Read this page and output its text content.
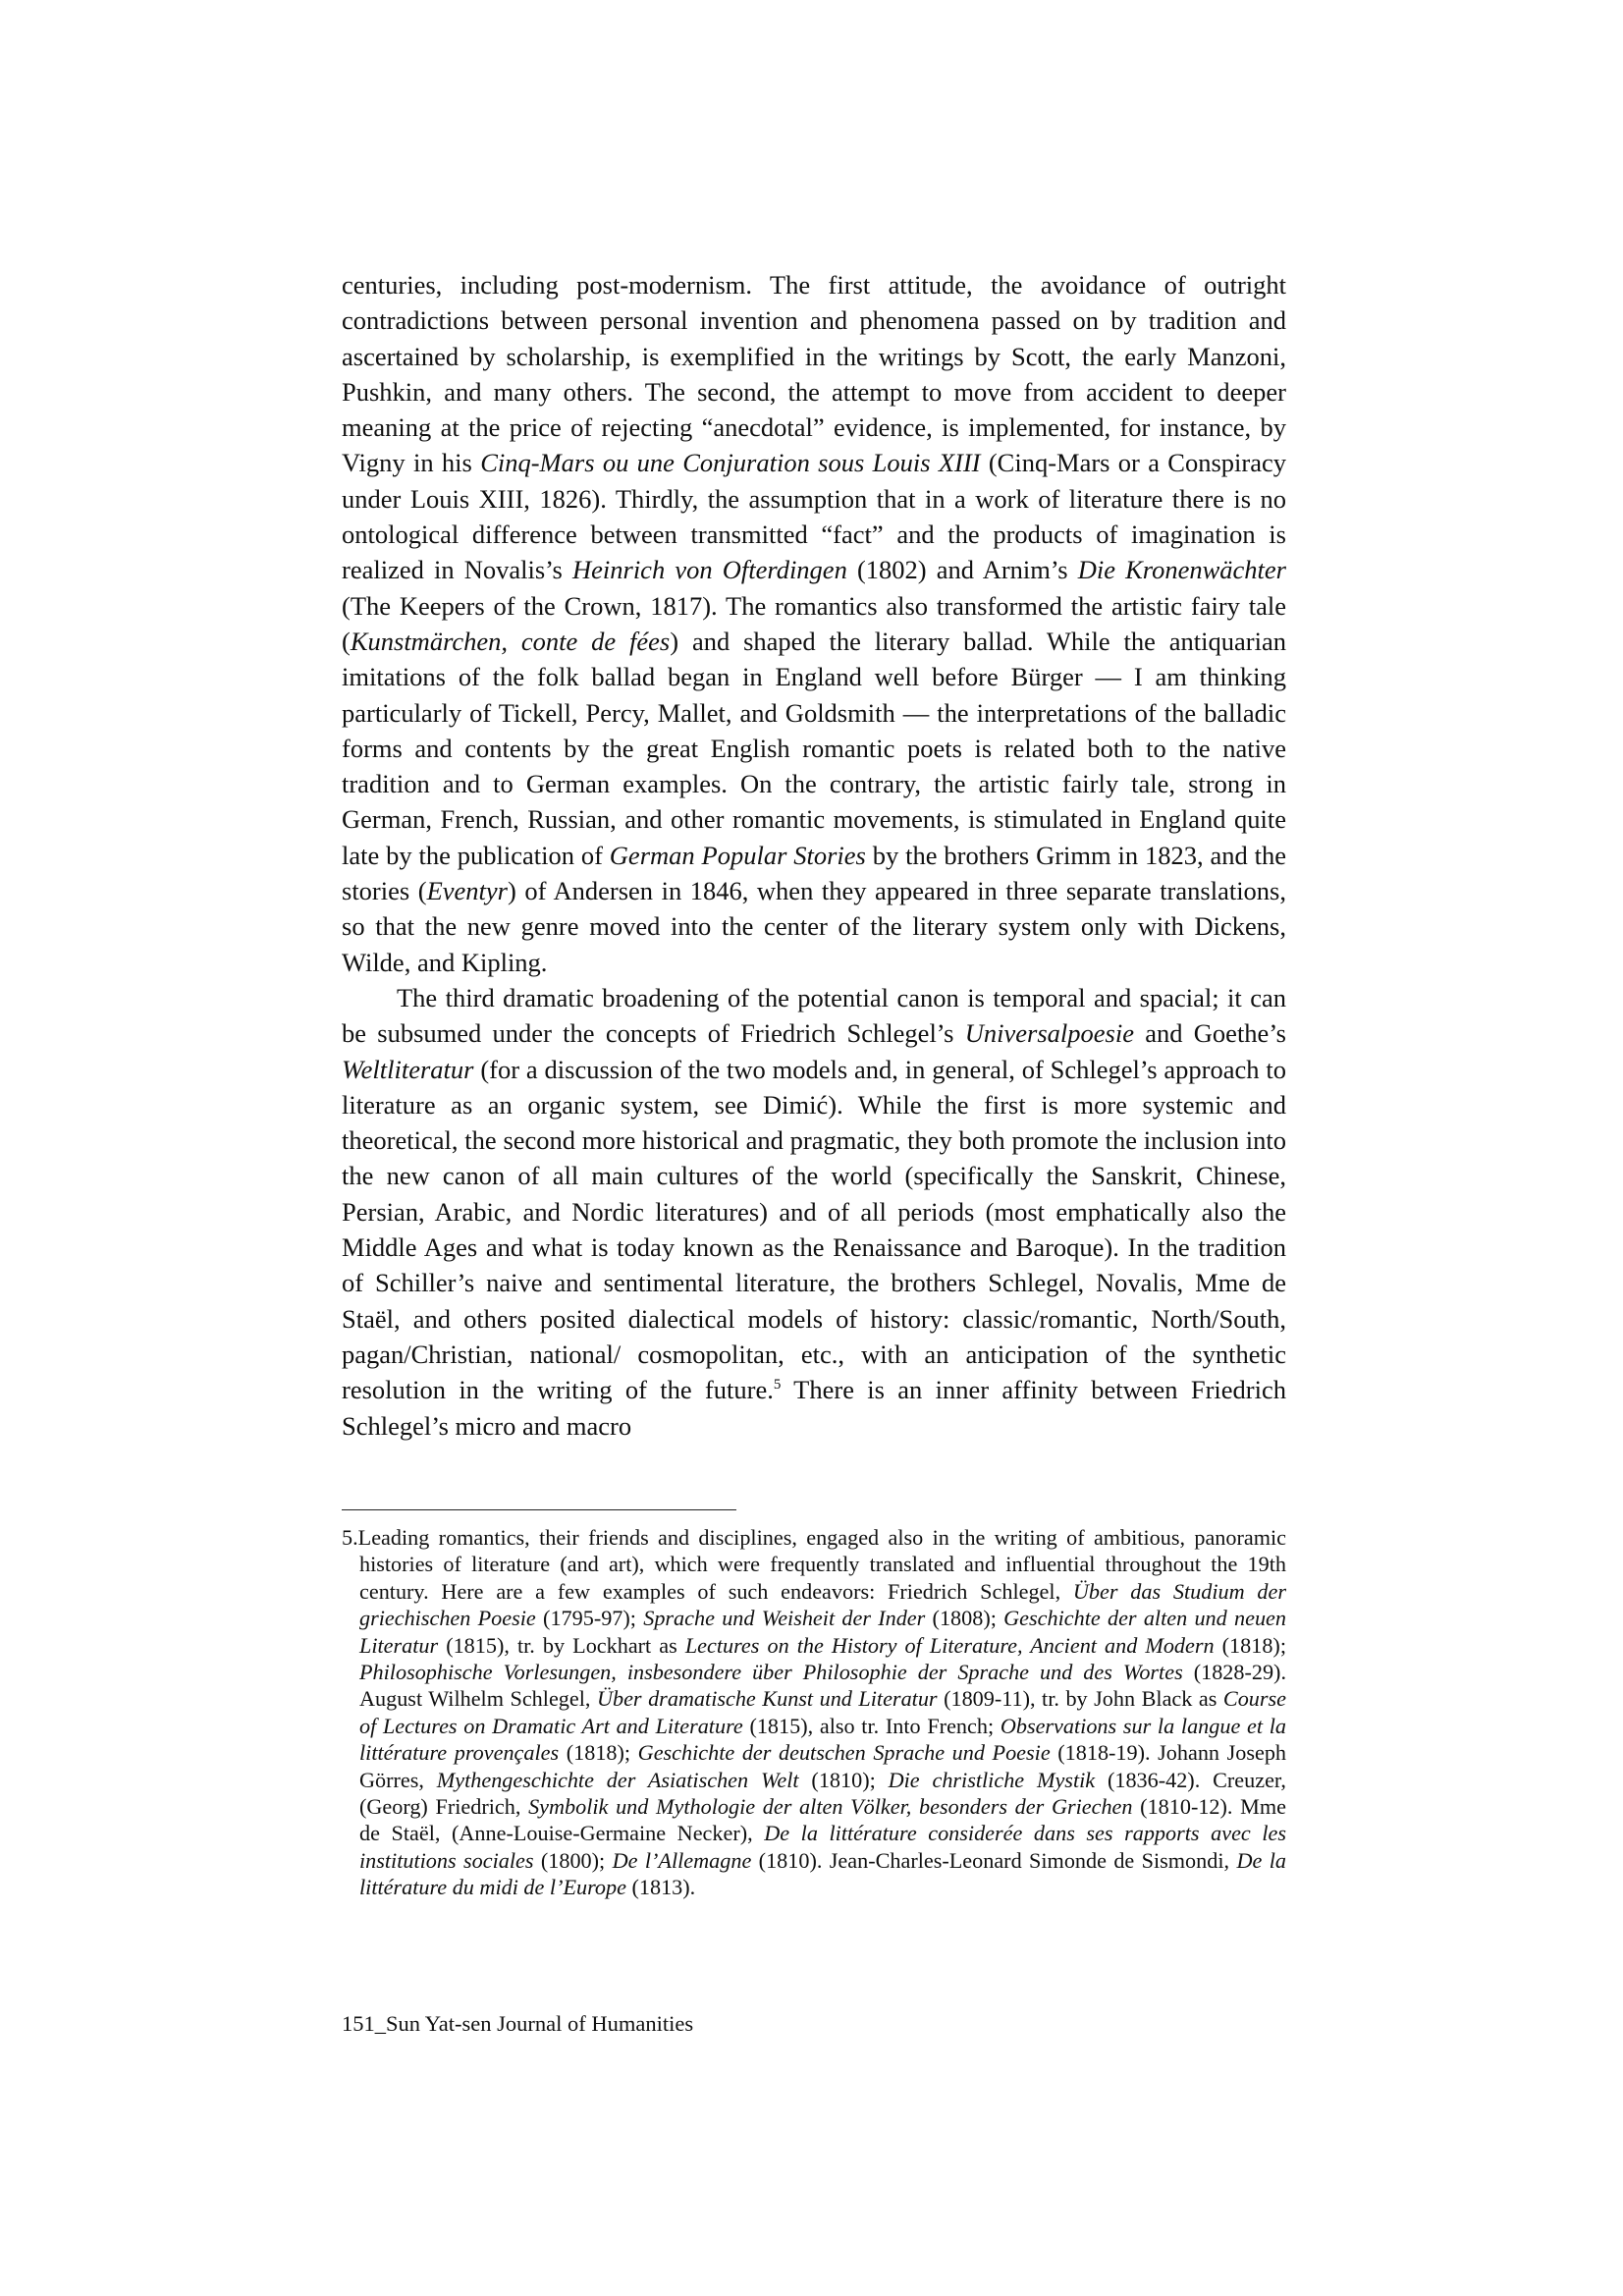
centuries, including post-modernism. The first attitude, the avoidance of outright contradictions between personal invention and phenomena passed on by tradition and ascertained by scholarship, is exemplified in the writings by Scott, the early Manzoni, Pushkin, and many others. The second, the attempt to move from accident to deeper meaning at the price of rejecting “anecdotal” evidence, is implemented, for instance, by Vigny in his Cinq-Mars ou une Conjuration sous Louis XIII (Cinq-Mars or a Conspiracy under Louis XIII, 1826). Thirdly, the assumption that in a work of literature there is no ontological difference between transmitted “fact” and the products of imagination is realized in Novalis’s Heinrich von Ofterdingen (1802) and Arnim’s Die Kronenwächter (The Keepers of the Crown, 1817). The romantics also transformed the artistic fairy tale (Kunstmärchen, conte de fées) and shaped the literary ballad. While the antiquarian imitations of the folk ballad began in England well before Bürger — I am thinking particularly of Tickell, Percy, Mallet, and Goldsmith — the interpretations of the balladic forms and contents by the great English romantic poets is related both to the native tradition and to German examples. On the contrary, the artistic fairly tale, strong in German, French, Russian, and other romantic movements, is stimulated in England quite late by the publication of German Popular Stories by the brothers Grimm in 1823, and the stories (Eventyr) of Andersen in 1846, when they appeared in three separate translations, so that the new genre moved into the center of the literary system only with Dickens, Wilde, and Kipling.

The third dramatic broadening of the potential canon is temporal and spacial; it can be subsumed under the concepts of Friedrich Schlegel’s Universalpoesie and Goethe’s Weltliteratur (for a discussion of the two models and, in general, of Schlegel’s approach to literature as an organic system, see Dimić). While the first is more systemic and theoretical, the second more historical and pragmatic, they both promote the inclusion into the new canon of all main cultures of the world (specifically the Sanskrit, Chinese, Persian, Arabic, and Nordic literatures) and of all periods (most emphatically also the Middle Ages and what is today known as the Renaissance and Baroque). In the tradition of Schiller’s naive and sentimental literature, the brothers Schlegel, Novalis, Mme de Staël, and others posited dialectical models of history: classic/romantic, North/South, pagan/Christian, national/ cosmopolitan, etc., with an anticipation of the synthetic resolution in the writing of the future.$^5$ There is an inner affinity between Friedrich Schlegel’s micro and macro

5.Leading romantics, their friends and disciplines, engaged also in the writing of ambitious, panoramic histories of literature (and art), which were frequently translated and influential throughout the 19th century. Here are a few examples of such endeavors: Friedrich Schlegel, Über das Studium der griechischen Poesie (1795-97); Sprache und Weisheit der Inder (1808); Geschichte der alten und neuen Literatur (1815), tr. by Lockhart as Lectures on the History of Literature, Ancient and Modern (1818); Philosophische Vorlesungen, insbesondere über Philosophie der Sprache und des Wortes (1828-29). August Wilhelm Schlegel, Über dramatische Kunst und Literatur (1809-11), tr. by John Black as Course of Lectures on Dramatic Art and Literature (1815), also tr. Into French; Observations sur la langue et la littérature provençales (1818); Geschichte der deutschen Sprache und Poesie (1818-19). Johann Joseph Görres, Mythengeschichte der Asiatischen Welt (1810); Die christliche Mystik (1836-42). Creuzer, (Georg) Friedrich, Symbolik und Mythologie der alten Völker, besonders der Griechen (1810-12). Mme de Staël, (Anne-Louise-Germaine Necker), De la littérature considerée dans ses rapports avec les institutions sociales (1800); De l’Allemagne (1810). Jean-Charles-Leonard Simonde de Sismondi, De la littérature du midi de l’Europe (1813).
151_Sun Yat-sen Journal of Humanities
